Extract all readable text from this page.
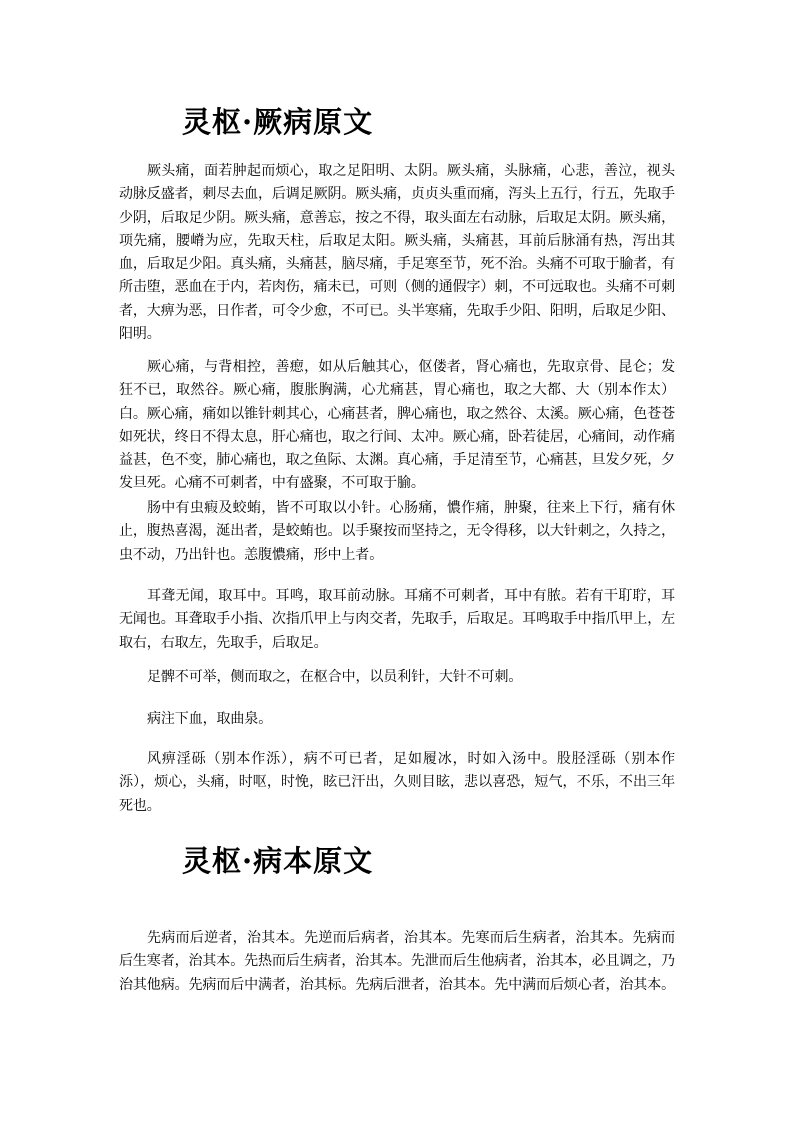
灵枢·厥病原文

厥头痛，面若肿起而烦心，取之足阳明、太阴。厥头痛，头脉痛，心悲，善泣，视头动脉反盛者，刺尽去血，后调足厥阴。厥头痛，贞贞头重而痛，泻头上五行，行五，先取手少阴，后取足少阴。厥头痛，意善忘，按之不得，取头面左右动脉，后取足太阴。厥头痛，项先痛，腰嵴为应，先取天柱，后取足太阳。厥头痛，头痛甚，耳前后脉涌有热，泻出其血，后取足少阳。真头痛，头痛甚，脑尽痛，手足寒至节，死不治。头痛不可取于腧者，有所击堕，恶血在于内，若肉伤，痛未已，可则（侧的通假字）刺，不可远取也。头痛不可刺者，大痹为恶，日作者，可令少愈，不可已。头半寒痛，先取手少阳、阳明，后取足少阳、阳明。

厥心痛，与背相控，善瘛，如从后触其心，伛偻者，肾心痛也，先取京骨、昆仑；发狂不已，取然谷。厥心痛，腹胀胸满，心尤痛甚，胃心痛也，取之大都、大（别本作太）白。厥心痛，痛如以锥针刺其心，心痛甚者，脾心痛也，取之然谷、太溪。厥心痛，色苍苍如死状，终日不得太息，肝心痛也，取之行间、太冲。厥心痛，卧若徒居，心痛间，动作痛益甚，色不变，肺心痛也，取之鱼际、太渊。真心痛，手足清至节，心痛甚，旦发夕死，夕发旦死。心痛不可刺者，中有盛聚，不可取于腧。

肠中有虫瘕及蛟蛕，皆不可取以小针。心肠痛，憹作痛，肿聚，往来上下行，痛有休止，腹热喜渴，涎出者，是蛟蛕也。以手聚按而坚持之，无令得移，以大针刺之，久持之，虫不动，乃出针也。恙腹憹痛，形中上者。

耳聋无闻，取耳中。耳鸣，取耳前动脉。耳痛不可刺者，耳中有脓。若有干耵聍，耳无闻也。耳聋取手小指、次指爪甲上与肉交者，先取手，后取足。耳鸣取手中指爪甲上，左取右，右取左，先取手，后取足。

足髀不可举，侧而取之，在枢合中，以员利针，大针不可刺。

病注下血，取曲泉。

风痹淫砾（别本作泺），病不可已者，足如履冰，时如入汤中。股胫淫砾（别本作泺），烦心，头痛，时呕，时悗，眩已汗出，久则目眩，悲以喜恐，短气，不乐，不出三年死也。

灵枢·病本原文

先病而后逆者，治其本。先逆而后病者，治其本。先寒而后生病者，治其本。先病而后生寒者，治其本。先热而后生病者，治其本。先泄而后生他病者，治其本，必且调之，乃治其他病。先病而后中满者，治其标。先病后泄者，治其本。先中满而后烦心者，治其本。
